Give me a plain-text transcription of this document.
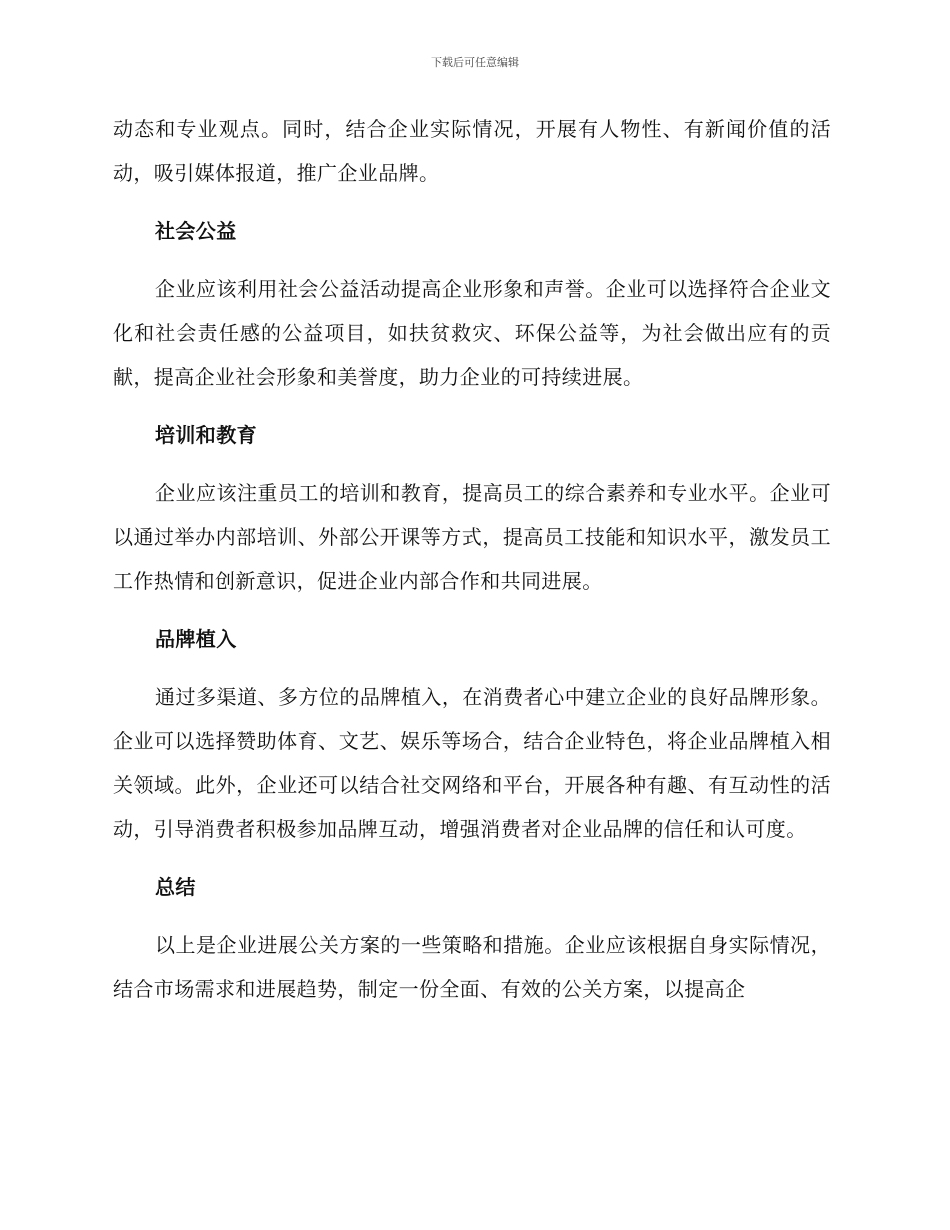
下载后可任意编辑

动态和专业观点。同时，结合企业实际情况，开展有人物性、有新闻价值的活动，吸引媒体报道，推广企业品牌。

社会公益

企业应该利用社会公益活动提高企业形象和声誉。企业可以选择符合企业文化和社会责任感的公益项目，如扶贫救灾、环保公益等，为社会做出应有的贡献，提高企业社会形象和美誉度，助力企业的可持续进展。

培训和教育

企业应该注重员工的培训和教育，提高员工的综合素养和专业水平。企业可以通过举办内部培训、外部公开课等方式，提高员工技能和知识水平，激发员工工作热情和创新意识，促进企业内部合作和共同进展。

品牌植入

通过多渠道、多方位的品牌植入，在消费者心中建立企业的良好品牌形象。企业可以选择赞助体育、文艺、娱乐等场合，结合企业特色，将企业品牌植入相关领域。此外，企业还可以结合社交网络和平台，开展各种有趣、有互动性的活动，引导消费者积极参加品牌互动，增强消费者对企业品牌的信任和认可度。

总结

以上是企业进展公关方案的一些策略和措施。企业应该根据自身实际情况，结合市场需求和进展趋势，制定一份全面、有效的公关方案，以提高企
